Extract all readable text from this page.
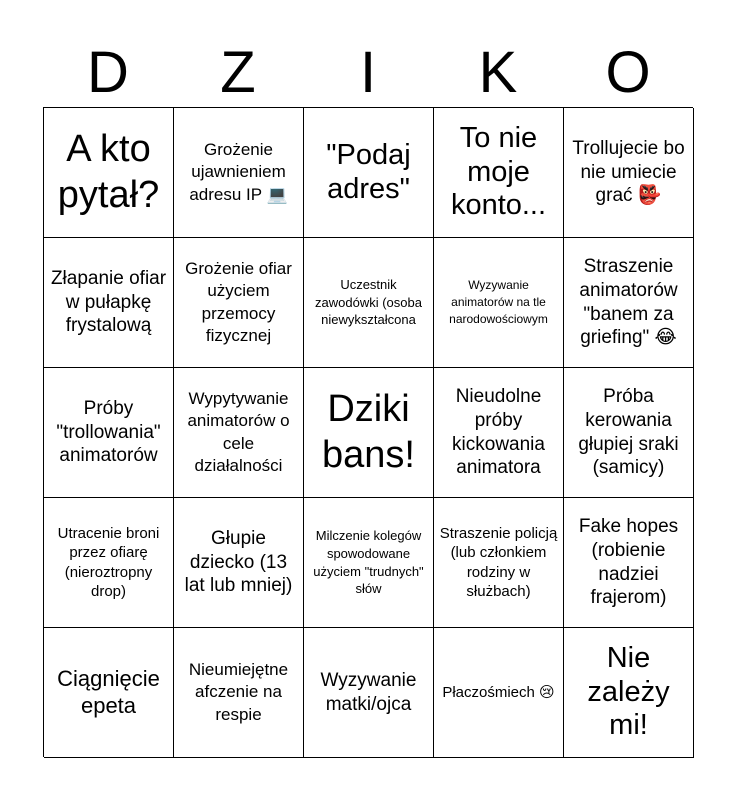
D	Z	I	K	O
A kto pytał?
Grożenie ujawnieniem adresu IP 💻
"Podaj adres"
To nie moje konto...
Trollujecie bo nie umiecie grać 👺
Złapanie ofiar w pułapkę frystalową
Grożenie ofiar użyciem przemocy fizycznej
Uczestnik zawodówki (osoba niewykształcona
Wyzywanie animatorów na tle narodowościowym
Straszenie animatorów "banem za griefing" 😂
Próby "trollowania" animatorów
Wypytywanie animatorów o cele działalności
Dziki bans!
Nieudolne próby kickowania animatora
Próba kerowania głupiej sraki (samicy)
Utracenie broni przez ofiarę (nieroztropny drop)
Głupie dziecko (13 lat lub mniej)
Milczenie kolegów spowodowane użyciem "trudnych" słów
Straszenie policją (lub członkiem rodziny w służbach)
Fake hopes (robienie nadziei frajerom)
Ciągnięcie epeta
Nieumiejętne afczenie na respie
Wyzywanie matki/ojca
Płaczośmiech 😢
Nie zależy mi!
